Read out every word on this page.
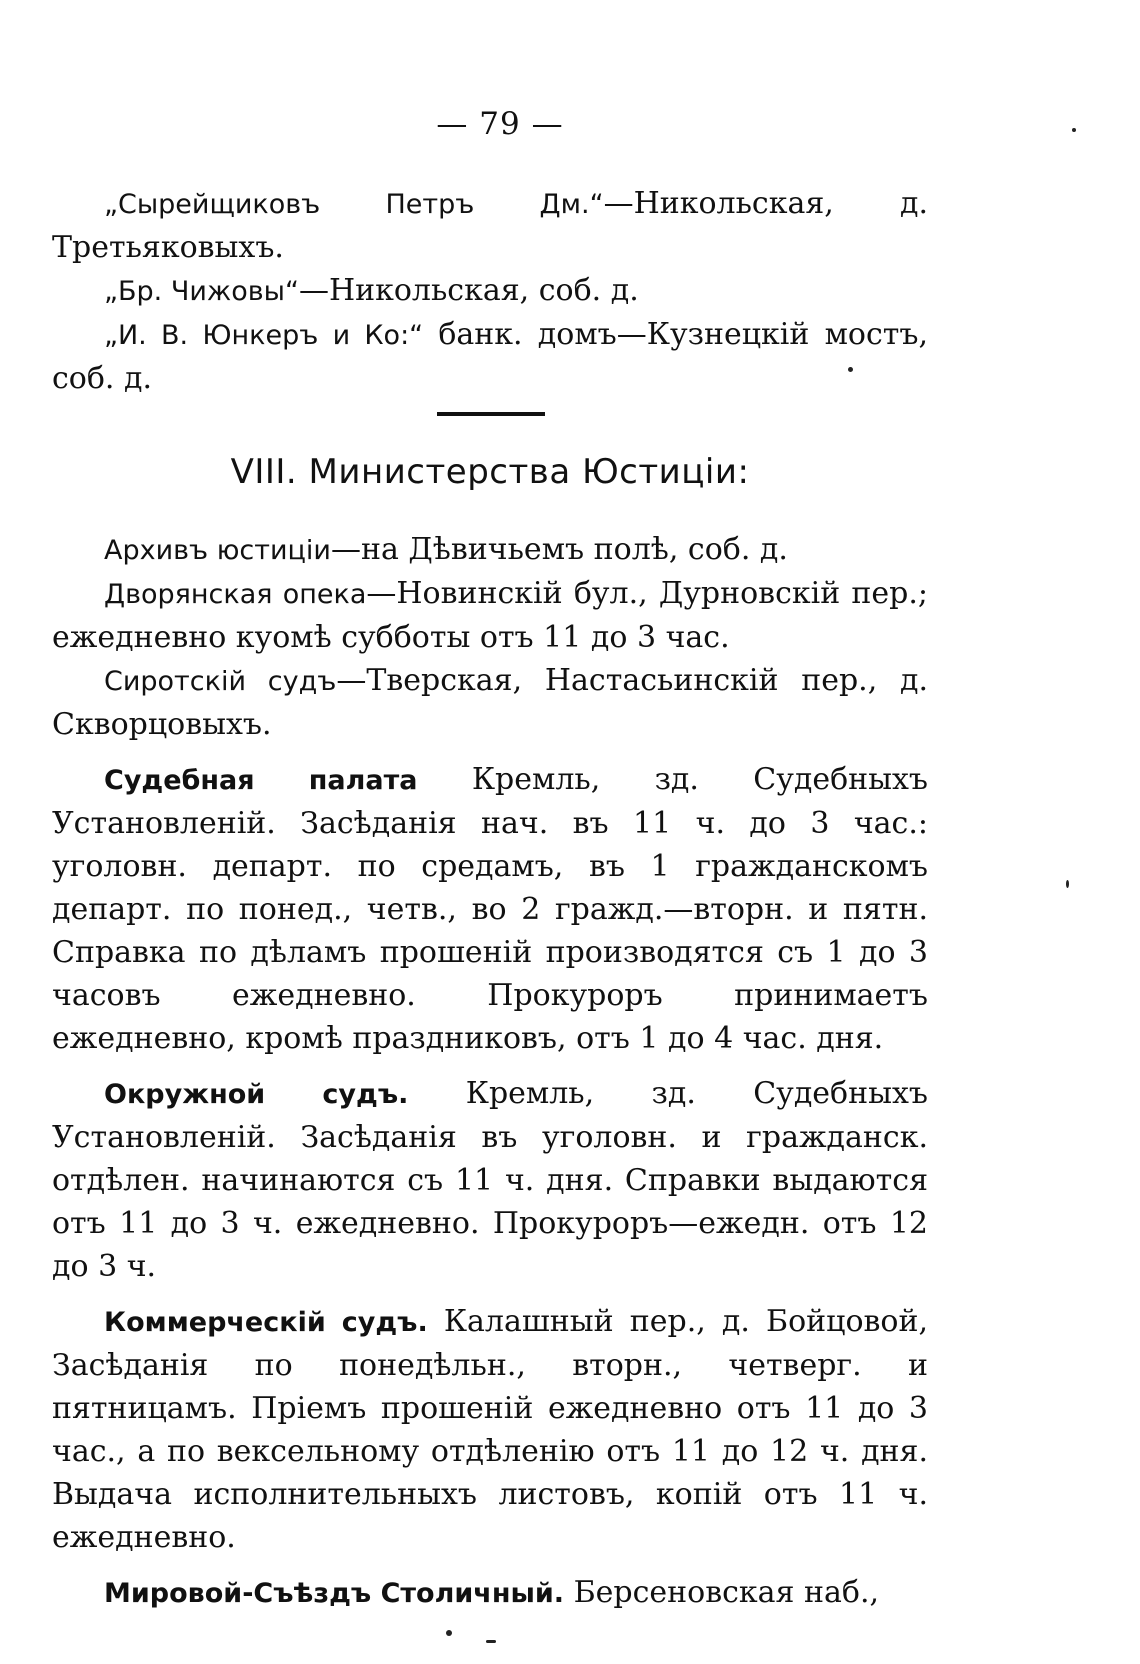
— 79 —

„Сырейщиковъ Петръ Дм.“—Никольская, д. Третьяковыхъ.

„Бр. Чижовы“—Никольская, соб. д.

„И. В. Юнкеръ и Ко:“ банк. домъ—Кузнецкій мостъ, соб. д.

VIII. Министерства Юстиціи:

Архивъ юстиціи—на Дѣвичьемъ полѣ, соб. д.

Дворянская опека—Новинскій бул., Дурновскій пер.; ежедневно куомѣ субботы отъ 11 до 3 час.

Сиротскій судъ—Тверская, Настасьинскій пер., д. Скворцовыхъ.

Судебная палата Кремль, зд. Судебныхъ Установленій. Засѣданія нач. въ 11 ч. до 3 час.: уголовн. департ. по средамъ, въ 1 гражданскомъ департ. по понед., четв., во 2 гражд.—вторн. и пятн. Справка по дѣламъ прошеній производятся съ 1 до 3 часовъ ежедневно. Прокуроръ принимаетъ ежедневно, кромѣ праздниковъ, отъ 1 до 4 час. дня.

Окружной судъ. Кремль, зд. Судебныхъ Установленій. Засѣданія въ уголовн. и гражданск. отдѣлен. начинаются съ 11 ч. дня. Справки выдаются отъ 11 до 3 ч. ежедневно. Прокуроръ—ежедн. отъ 12 до 3 ч.

Коммерческій судъ. Калашный пер., д. Бойцовой, Засѣданія по понедѣльн., вторн., четверг. и пятницамъ. Пріемъ прошеній ежедневно отъ 11 до 3 час., а по вексельному отдѣленію отъ 11 до 12 ч. дня. Выдача исполнительныхъ листовъ, копій отъ 11 ч. ежедневно.

Мировой-Съѣздъ Столичный. Берсеновская наб.,
